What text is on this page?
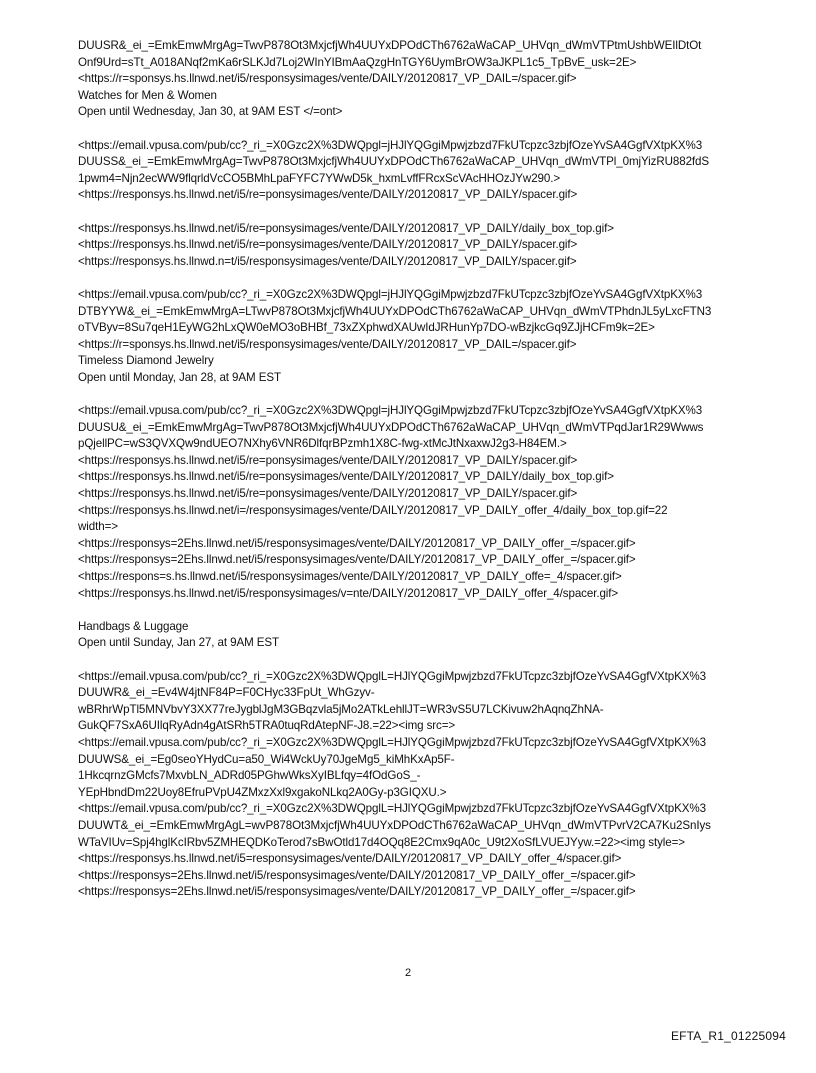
DUUSR&_ei_=EmkEmwMrgAg=TwvP878Ot3MxjcfjWh4UUYxDPOdCTh6762aWaCAP_UHVqn_dWmVTPtmUshbWEIlDtOt
Onf9Urd=sTt_A018ANqf2mKa6rSLKJd7Loj2WInYIBmAaQzgHnTGY6UymBrOW3aJKPL1c5_TpBvE_usk=2E>
<https://r=sponsys.hs.llnwd.net/i5/responsysimages/vente/DAILY/20120817_VP_DAIL=/spacer.gif>
Watches for Men & Women
Open until Wednesday, Jan 30, at 9AM EST </=ont>
<https://email.vpusa.com/pub/cc?_ri_=X0Gzc2X%3DWQpgl=jHJlYQGgiMpwjzbzd7FkUTcpzc3zbjfOzeYvSA4GgfVXtpKX%3
DUUSS&_ei_=EmkEmwMrgAg=TwvP878Ot3MxjcfjWh4UUYxDPOdCTh6762aWaCAP_UHVqn_dWmVTPl_0mjYizRU882fdS
1pwm4=Njn2ecWW9flqrldVcCO5BMhLpaFYFC7YWwD5k_hxmLvffFRcxScVAcHHOzJYw290.>
<https://responsys.hs.llnwd.net/i5/re=ponsysimages/vente/DAILY/20120817_VP_DAILY/spacer.gif>
<https://responsys.hs.llnwd.net/i5/re=ponsysimages/vente/DAILY/20120817_VP_DAILY/daily_box_top.gif>
<https://responsys.hs.llnwd.net/i5/re=ponsysimages/vente/DAILY/20120817_VP_DAILY/spacer.gif>
<https://responsys.hs.llnwd.n=t/i5/responsysimages/vente/DAILY/20120817_VP_DAILY/spacer.gif>
<https://email.vpusa.com/pub/cc?_ri_=X0Gzc2X%3DWQpgl=jHJlYQGgiMpwjzbzd7FkUTcpzc3zbjfOzeYvSA4GgfVXtpKX%3
DTBYYW&_ei_=EmkEmwMrgA=LTwvP878Ot3MxjcfjWh4UUYxDPOdCTh6762aWaCAP_UHVqn_dWmVTPhdnJL5yLxcFTN3
oTVByv=8Su7qeH1EyWG2hLxQW0eMO3oBHBf_73xZXphwdXAUwIdJRHunYp7DO-wBzjkcGq9ZJjHCFm9k=2E>
<https://r=sponsys.hs.llnwd.net/i5/responsysimages/vente/DAILY/20120817_VP_DAIL=/spacer.gif>
Timeless Diamond Jewelry
Open until Monday, Jan 28, at 9AM EST
<https://email.vpusa.com/pub/cc?_ri_=X0Gzc2X%3DWQpgl=jHJlYQGgiMpwjzbzd7FkUTcpzc3zbjfOzeYvSA4GgfVXtpKX%3
DUUSU&_ei_=EmkEmwMrgAg=TwvP878Ot3MxjcfjWh4UUYxDPOdCTh6762aWaCAP_UHVqn_dWmVTPqdJar1R29Wwws
pQjellPC=wS3QVXQw9ndUEO7NXhy6VNR6DlfqrBPzmh1X8C-fwg-xtMcJtNxaxwJ2g3-H84EM.>
<https://responsys.hs.llnwd.net/i5/re=ponsysimages/vente/DAILY/20120817_VP_DAILY/spacer.gif>
<https://responsys.hs.llnwd.net/i5/re=ponsysimages/vente/DAILY/20120817_VP_DAILY/daily_box_top.gif>
<https://responsys.hs.llnwd.net/i5/re=ponsysimages/vente/DAILY/20120817_VP_DAILY/spacer.gif>
<https://responsys.hs.llnwd.net/i=/responsysimages/vente/DAILY/20120817_VP_DAILY_offer_4/daily_box_top.gif=22
width=>
<https://responsys=2Ehs.llnwd.net/i5/responsysimages/vente/DAILY/20120817_VP_DAILY_offer_=/spacer.gif>
<https://responsys=2Ehs.llnwd.net/i5/responsysimages/vente/DAILY/20120817_VP_DAILY_offer_=/spacer.gif>
<https://respons=s.hs.llnwd.net/i5/responsysimages/vente/DAILY/20120817_VP_DAILY_offe=_4/spacer.gif>
<https://responsys.hs.llnwd.net/i5/responsysimages/v=nte/DAILY/20120817_VP_DAILY_offer_4/spacer.gif>
Handbags & Luggage
Open until Sunday, Jan 27, at 9AM EST
<https://email.vpusa.com/pub/cc?_ri_=X0Gzc2X%3DWQpglL=HJlYQGgiMpwjzbzd7FkUTcpzc3zbjfOzeYvSA4GgfVXtpKX%3
DUUWR&_ei_=Ev4W4jtNF84P=F0CHyc33FpUt_WhGzyv-
wBRhrWpTl5MNVbvY3XX77reJygblJgM3GBqzvla5jMo2ATkLehllJT=WR3vS5U7LCKivuw2hAqnqZhNA-
GukQF7SxA6UIlqRyAdn4gAtSRh5TRA0tuqRdAtepNF-J8.=22><img src=>
<https://email.vpusa.com/pub/cc?_ri_=X0Gzc2X%3DWQpglL=HJlYQGgiMpwjzbzd7FkUTcpzc3zbjfOzeYvSA4GgfVXtpKX%3
DUUWS&_ei_=Eg0seoYHydCu=a50_Wi4WckUy70JgeMg5_kiMhKxAp5F-
1HkcqrnzGMcfs7MxvbLN_ADRd05PGhwWksXyIBLfqy=4fOdGoS_-
YEpHbndDm22Uoy8EfruPVpU4ZMxzXxl9xgakoNLkq2A0Gy-p3GIQXU.>
<https://email.vpusa.com/pub/cc?_ri_=X0Gzc2X%3DWQpglL=HJlYQGgiMpwjzbzd7FkUTcpzc3zbjfOzeYvSA4GgfVXtpKX%3
DUUWT&_ei_=EmkEmwMrgAgL=wvP878Ot3MxjcfjWh4UUYxDPOdCTh6762aWaCAP_UHVqn_dWmVTPvrV2CA7Ku2SnIys
WTaVIUv=Spj4hglKcIRbv5ZMHEQDKoTerod7sBwOtld17d4OQq8E2Cmx9qA0c_U9t2XoSfLVUEJYyw.=22><img style=>
<https://responsys.hs.llnwd.net/i5=responsysimages/vente/DAILY/20120817_VP_DAILY_offer_4/spacer.gif>
<https://responsys=2Ehs.llnwd.net/i5/responsysimages/vente/DAILY/20120817_VP_DAILY_offer_=/spacer.gif>
<https://responsys=2Ehs.llnwd.net/i5/responsysimages/vente/DAILY/20120817_VP_DAILY_offer_=/spacer.gif>
2
EFTA_R1_01225094
